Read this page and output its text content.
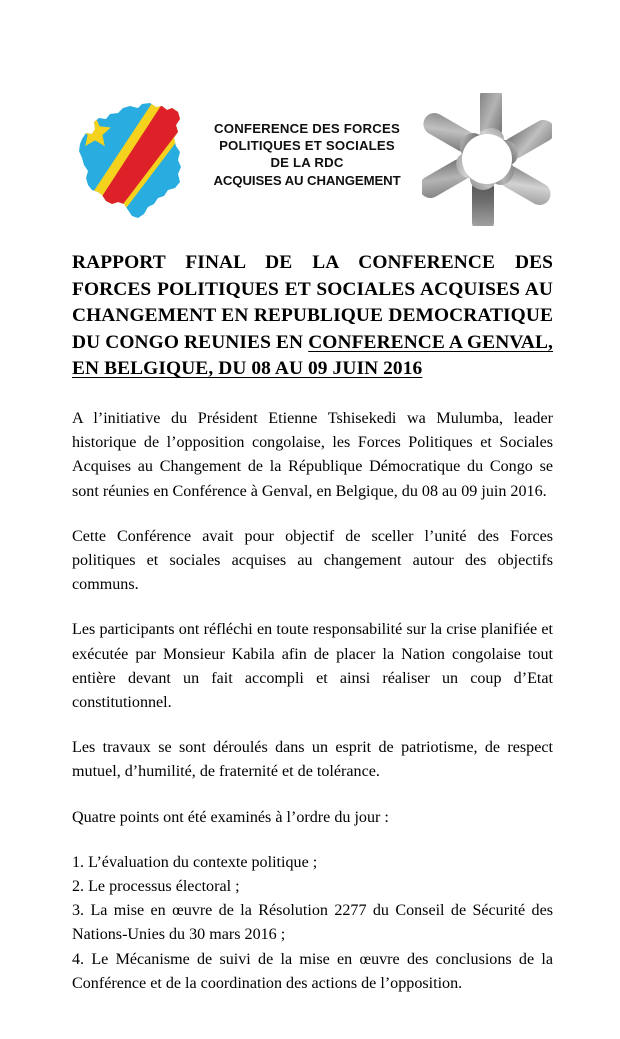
CONFERENCE DES FORCES
POLITIQUES ET SOCIALES
DE LA RDC
ACQUISES AU CHANGEMENT
RAPPORT FINAL DE LA CONFERENCE DES FORCES POLITIQUES ET SOCIALES ACQUISES AU CHANGEMENT EN REPUBLIQUE DEMOCRATIQUE DU CONGO REUNIES EN CONFERENCE A GENVAL, EN BELGIQUE, DU 08 AU 09 JUIN 2016

A l’initiative du Président Etienne Tshisekedi wa Mulumba, leader historique de l’opposition congolaise, les Forces Politiques et Sociales Acquises au Changement de la République Démocratique du Congo se sont réunies en Conférence à Genval, en Belgique, du 08 au 09 juin 2016.

Cette Conférence avait pour objectif de sceller l’unité des Forces politiques et sociales acquises au changement autour des objectifs communs.

Les participants ont réfléchi en toute responsabilité sur la crise planifiée et exécutée par Monsieur Kabila afin de placer la Nation congolaise tout entière devant un fait accompli et ainsi réaliser un coup d’Etat constitutionnel.

Les travaux se sont déroulés dans un esprit de patriotisme, de respect mutuel, d’humilité, de fraternité et de tolérance.

Quatre points ont été examinés à l’ordre du jour :

1. L’évaluation du contexte politique ;
2. Le processus électoral ;
3. La mise en œuvre de la Résolution 2277 du Conseil de Sécurité des Nations-Unies du 30 mars 2016 ;
4. Le Mécanisme de suivi de la mise en œuvre des conclusions de la Conférence et de la coordination des actions de l’opposition.
